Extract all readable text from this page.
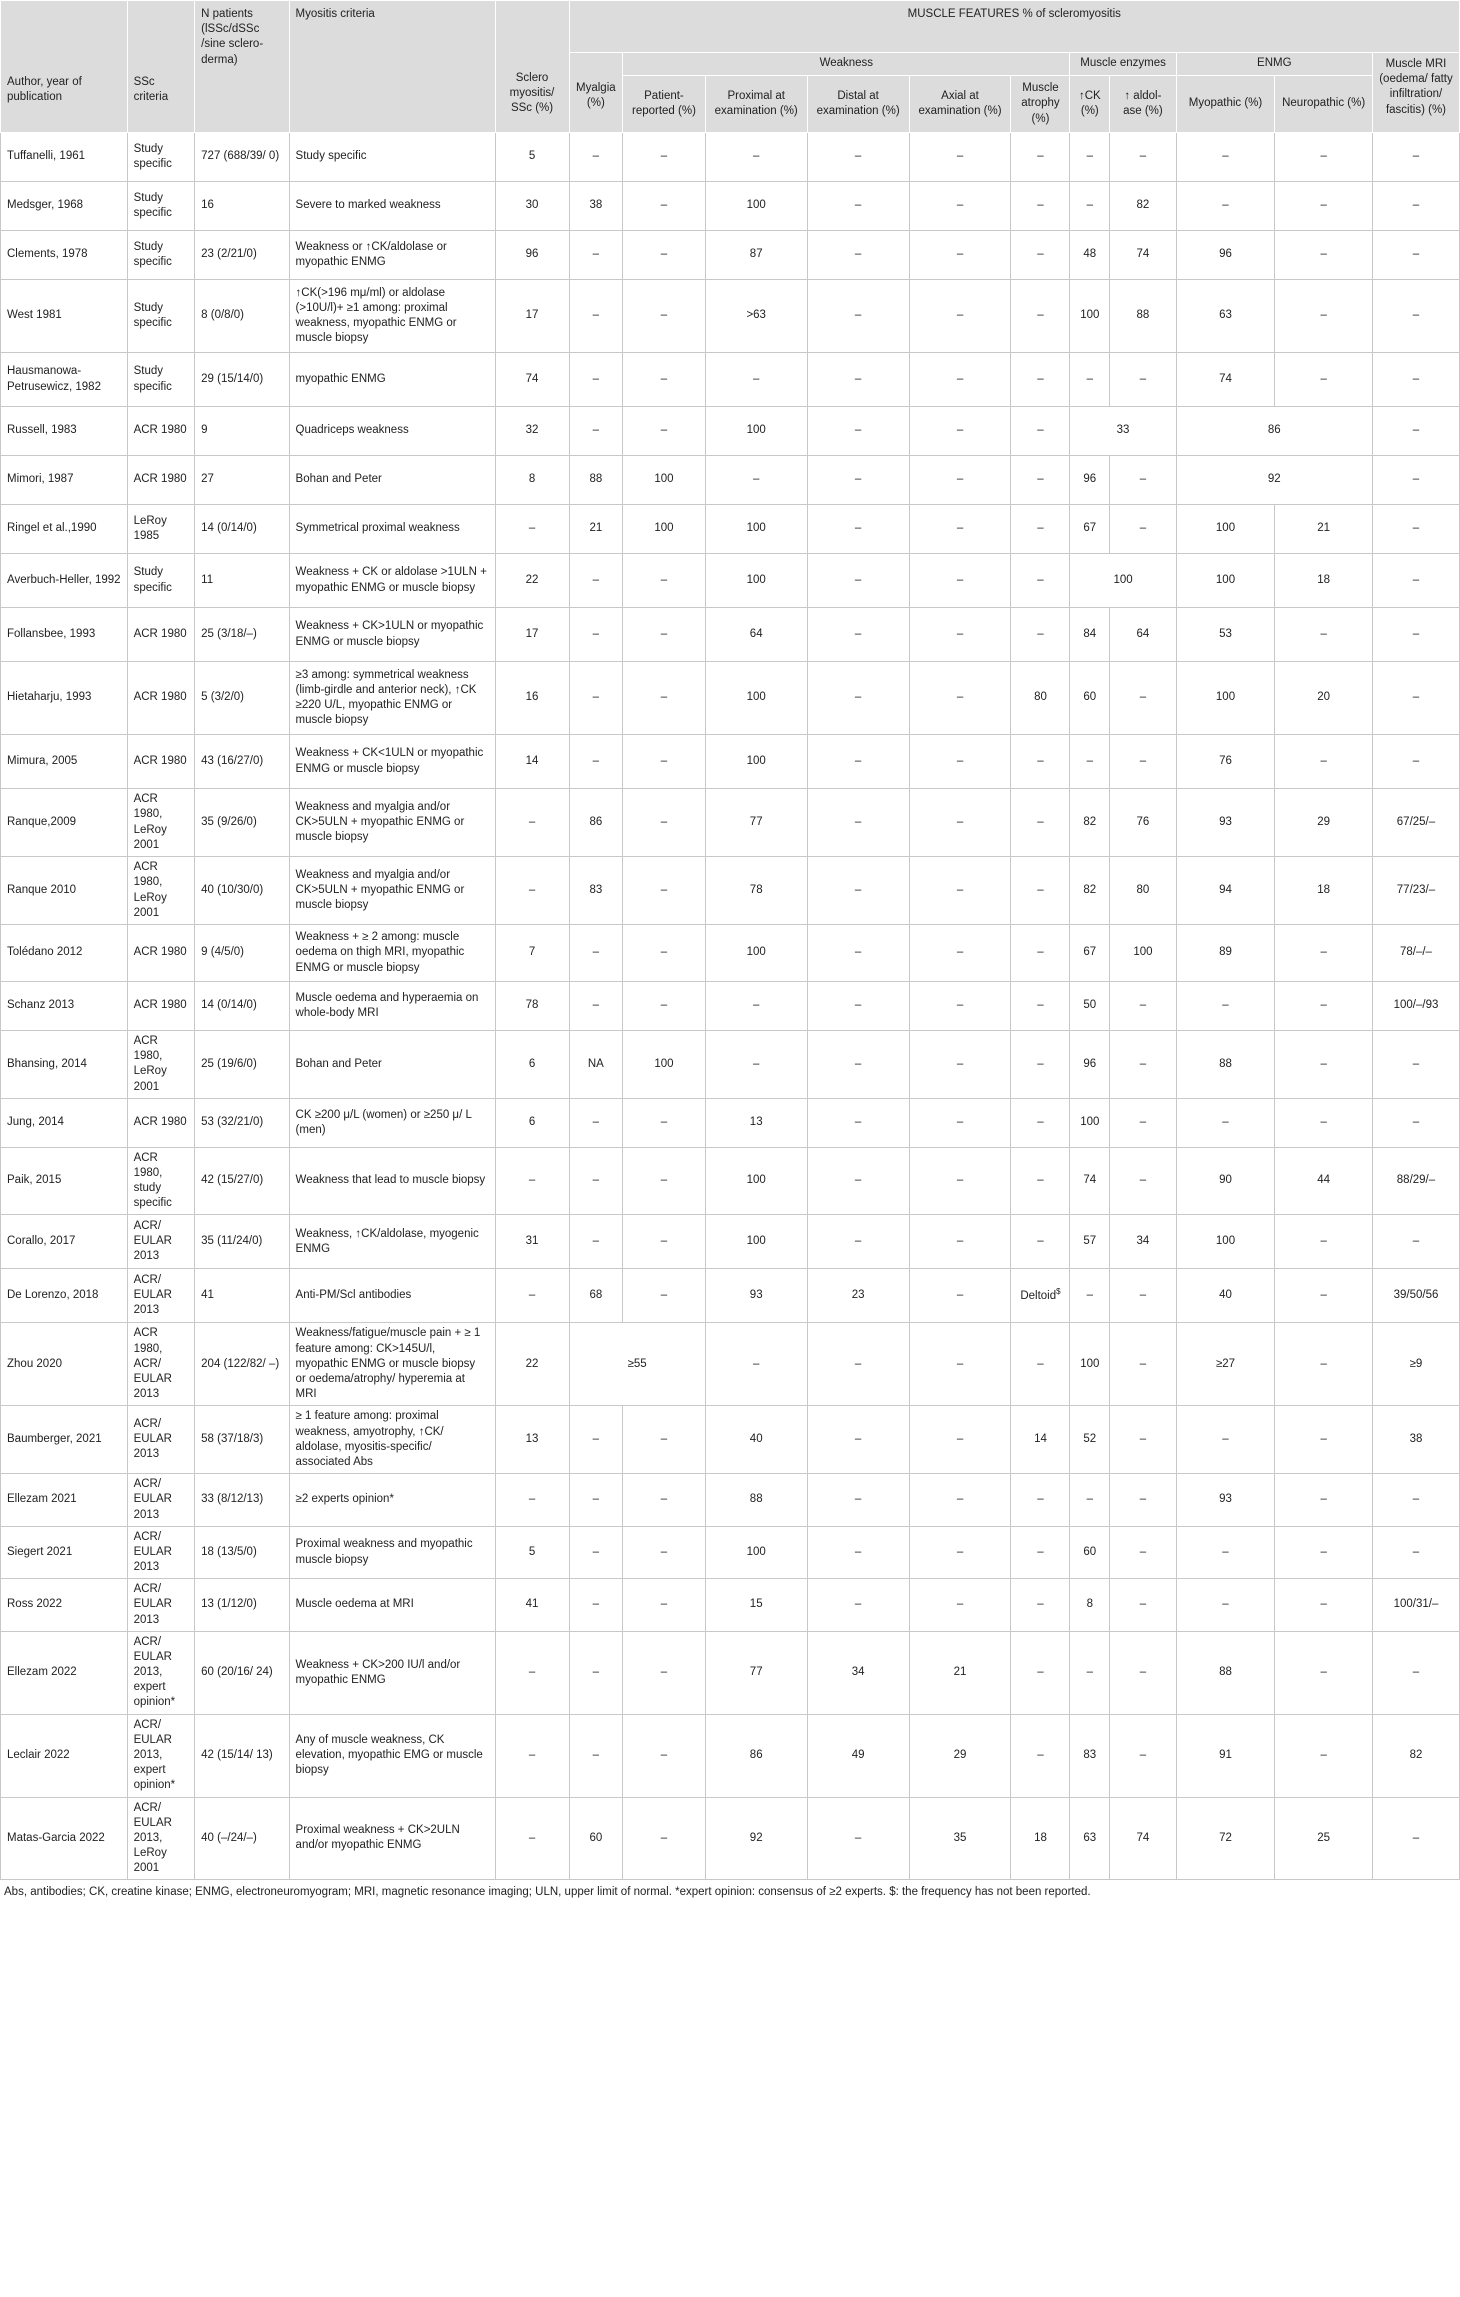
Author, year of publication	SSc criteria	N patients (lSSc/dSSc /sine sclero-derma)	Myositis criteria	Sclero myositis/ SSc (%)	MUSCLE FEATURES % of scleromyositis										
					Myalgia (%)	Weakness					Muscle enzymes		ENMG		Muscle MRI (oedema/ fatty infiltration/ fascitis) (%)
						Patient-reported (%)	Proximal at examination (%)	Distal at examination (%)	Axial at examination (%)	Muscle atrophy (%)	↑CK (%)	↑ aldol-ase (%)	Myopathic (%)	Neuropathic (%)	
Tuffanelli, 1961	Study specific	727 (688/39/ 0)	Study specific	5	–	–	–	–	–	–	–	–	–	–	–
Medsger, 1968	Study specific	16	Severe to marked weakness	30	38	–	100	–	–	–	–	82	–	–	–
Clements, 1978	Study specific	23 (2/21/0)	Weakness or ↑CK/aldolase or myopathic ENMG	96	–	–	87	–	–	–	48	74	96	–	–
West 1981	Study specific	8 (0/8/0)	↑CK(>196 mμ/ml) or aldolase (>10U/l)+ ≥1 among: proximal weakness, myopathic ENMG or muscle biopsy	17	–	–	>63	–	–	–	100	88	63	–	–
Hausmanowa-Petrusewicz, 1982	Study specific	29 (15/14/0)	myopathic ENMG	74	–	–	–	–	–	–	–	–	74	–	–
Russell, 1983	ACR 1980	9	Quadriceps weakness	32	–	–	100	–	–	–	33		86		–
Mimori, 1987	ACR 1980	27	Bohan and Peter	8	88	100	–	–	–	–	96	–	92		–
Ringel et al.,1990	LeRoy 1985	14 (0/14/0)	Symmetrical proximal weakness	–	21	100	100	–	–	–	67	–	100	21	–
Averbuch-Heller, 1992	Study specific	11	Weakness + CK or aldolase >1ULN + myopathic ENMG or muscle biopsy	22	–	–	100	–	–	–	100		100	18	–
Follansbee, 1993	ACR 1980	25 (3/18/–)	Weakness + CK>1ULN or myopathic ENMG or muscle biopsy	17	–	–	64	–	–	–	84	64	53	–	–
Hietaharju, 1993	ACR 1980	5 (3/2/0)	≥3 among: symmetrical weakness (limb-girdle and anterior neck), ↑CK ≥220 U/L, myopathic ENMG or muscle biopsy	16	–	–	100	–	–	80	60	–	100	20	–
Mimura, 2005	ACR 1980	43 (16/27/0)	Weakness + CK<1ULN or myopathic ENMG or muscle biopsy	14	–	–	100	–	–	–	–	–	76	–	–
Ranque,2009	ACR 1980, LeRoy 2001	35 (9/26/0)	Weakness and myalgia and/or CK>5ULN + myopathic ENMG or muscle biopsy	–	86	–	77	–	–	–	82	76	93	29	67/25/–
Ranque 2010	ACR 1980, LeRoy 2001	40 (10/30/0)	Weakness and myalgia and/or CK>5ULN + myopathic ENMG or muscle biopsy	–	83	–	78	–	–	–	82	80	94	18	77/23/–
Tolédano 2012	ACR 1980	9 (4/5/0)	Weakness + ≥ 2 among: muscle oedema on thigh MRI, myopathic ENMG or muscle biopsy	7	–	–	100	–	–	–	67	100	89	–	78/–/–
Schanz 2013	ACR 1980	14 (0/14/0)	Muscle oedema and hyperaemia on whole-body MRI	78	–	–	–	–	–	–	50	–	–	–	100/–/93
Bhansing, 2014	ACR 1980, LeRoy 2001	25 (19/6/0)	Bohan and Peter	6	NA	100	–	–	–	–	96	–	88	–	–
Jung, 2014	ACR 1980	53 (32/21/0)	CK ≥200 μ/L (women) or ≥250 μ/ L (men)	6	–	–	13	–	–	–	100	–	–	–	–
Paik, 2015	ACR 1980, study specific	42 (15/27/0)	Weakness that lead to muscle biopsy	–	–	–	100	–	–	–	74	–	90	44	88/29/–
Corallo, 2017	ACR/ EULAR 2013	35 (11/24/0)	Weakness, ↑CK/aldolase, myogenic ENMG	31	–	–	100	–	–	–	57	34	100	–	–
De Lorenzo, 2018	ACR/ EULAR 2013	41	Anti-PM/Scl antibodies	–	68	–	93	23	–	Deltoid$	–	–	40	–	39/50/56
Zhou 2020	ACR 1980, ACR/ EULAR 2013	204 (122/82/ –)	Weakness/fatigue/muscle pain + ≥ 1 feature among: CK>145U/l, myopathic ENMG or muscle biopsy or oedema/atrophy/ hyperemia at MRI	22	≥55		–	–	–	–	100	–	≥27	–	≥9
Baumberger, 2021	ACR/ EULAR 2013	58 (37/18/3)	≥ 1 feature among: proximal weakness, amyotrophy, ↑CK/ aldolase, myositis-specific/ associated Abs	13	–	–	40	–	–	14	52	–	–	–	38
Ellezam 2021	ACR/ EULAR 2013	33 (8/12/13)	≥2 experts opinion*	–	–	–	88	–	–	–	–	–	93	–	–
Siegert 2021	ACR/ EULAR 2013	18 (13/5/0)	Proximal weakness and myopathic muscle biopsy	5	–	–	100	–	–	–	60	–	–	–	–
Ross 2022	ACR/ EULAR 2013	13 (1/12/0)	Muscle oedema at MRI	41	–	–	15	–	–	–	8	–	–	–	100/31/–
Ellezam 2022	ACR/ EULAR 2013, expert opinion*	60 (20/16/ 24)	Weakness + CK>200 IU/l and/or myopathic ENMG	–	–	–	77	34	21	–	–	–	88	–	–
Leclair 2022	ACR/ EULAR 2013, expert opinion*	42 (15/14/ 13)	Any of muscle weakness, CK elevation, myopathic EMG or muscle biopsy	–	–	–	86	49	29	–	83	–	91	–	82
Matas-Garcia 2022	ACR/ EULAR 2013, LeRoy 2001	40 (–/24/–)	Proximal weakness + CK>2ULN and/or myopathic ENMG	–	60	–	92	–	35	18	63	74	72	25	–
Abs, antibodies; CK, creatine kinase; ENMG, electroneuromyogram; MRI, magnetic resonance imaging; ULN, upper limit of normal. *expert opinion: consensus of ≥2 experts. $: the frequency has not been reported.
